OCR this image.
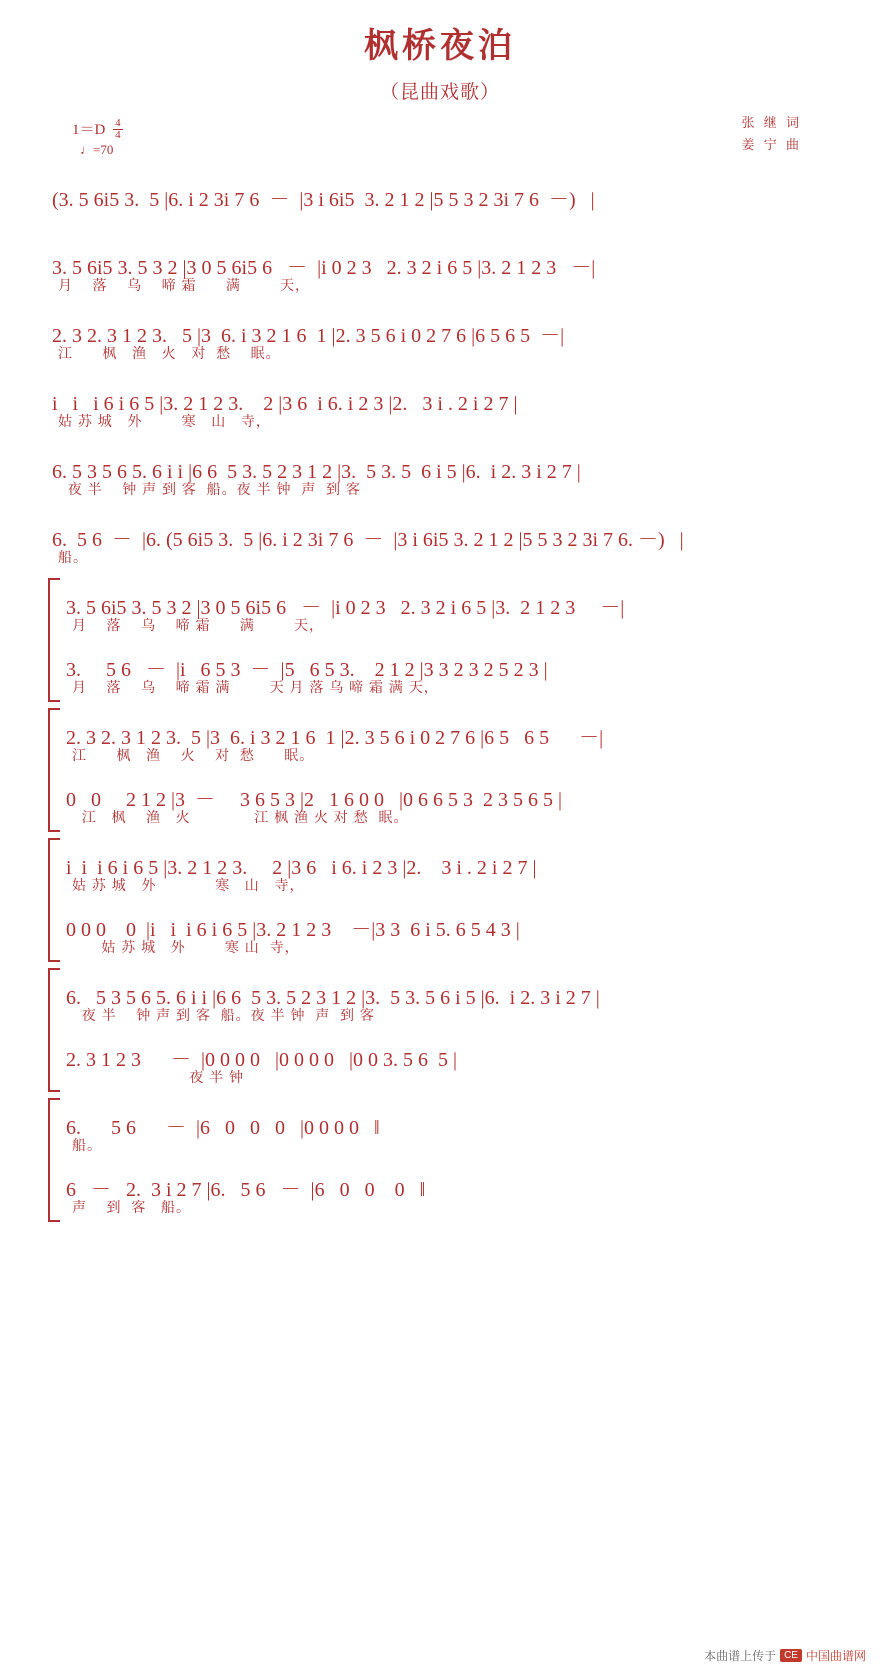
枫桥夜泊
（昆曲戏歌）
$1=D \frac{4}{4}$
♩=70
张 继 词
姜 宁 曲
(3. 5 6i5 3.  5 |6. i 2 3i 7 6  －  |3 i 6i5  3. 2 1 2 |5 5 3 2 3i 7 6  －)   |
3. 5 6i5 3. 5 3 2 |3 0 5 6i5 6   －  |i 0 2 3   2. 3 2 i 6 5 |3. 2 1 2 3   －|
月    落    乌    啼 霜      满        天，
2. 3 2. 3 1 2 3.   5 |3  6. i 3 2 1 6  1 |2. 3 5 6 i 0 2 7 6 |6 5 6 5  －|
江      枫   渔   火   对  愁    眠。
i   i   i 6 i 6 5 |3. 2 1 2 3.    2 |3 6  i 6. i 2 3 |2.   3 i . 2 i 2 7 |
姑 苏 城   外        寒   山   寺，
6. 5 3 5 6 5. 6 i i |6 6  5 3. 5 2 3 1 2 |3.  5 3. 5  6 i 5 |6.  i 2. 3 i 2 7 |
夜 半    钟 声 到 客  船。夜 半 钟  声  到 客
6.  5 6  －  |6. (5 6i5 3.  5 |6. i 2 3i 7 6  －  |3 i 6i5 3. 2 1 2 |5 5 3 2 3i 7 6. －)   |
船。
3. 5 6i5 3. 5 3 2 |3 0 5 6i5 6   －  |i 0 2 3   2. 3 2 i 6 5 |3.  2 1 2 3     －|
月    落    乌    啼 霜      满        天，
3.     5 6   －  |i   6 5 3  －  |5   6 5 3.    2 1 2 |3 3 2 3 2 5 2 3 |
月    落    乌    啼 霜 满        天 月 落 乌 啼 霜 满 天，
2. 3 2. 3 1 2 3.  5 |3  6. i 3 2 1 6  1 |2. 3 5 6 i 0 2 7 6 |6 5   6 5      －|
江      枫   渔    火    对  愁      眠。
0   0     2 1 2 |3  －     3 6 5 3 |2   1 6 0 0   |0 6 6 5 3  2 3 5 6 5 |
江   枫    渔   火             江 枫 渔 火 对 愁  眠。
i  i  i 6 i 6 5 |3. 2 1 2 3.     2 |3 6   i 6. i 2 3 |2.    3 i . 2 i 2 7 |
姑 苏 城   外            寒   山   寺，
0 0 0    0  |i   i  i 6 i 6 5 |3. 2 1 2 3    －|3 3  6 i 5. 6 5 4 3 |
姑 苏 城   外        寒 山  寺，
6.   5 3 5 6 5. 6 i i |6 6  5 3. 5 2 3 1 2 |3.  5 3. 5 6 i 5 |6.  i 2. 3 i 2 7 |
夜 半    钟 声 到 客  船。夜 半 钟  声  到 客
2. 3 1 2 3      －  |0 0 0 0   |0 0 0 0   |0 0 3. 5 6  5 |
夜 半 钟
6.      5 6      －  |6   0   0   0   |0 0 0 0   ‖
船。
6   －   2.  3 i 2 7 |6.   5 6   －  |6   0   0    0   ‖
声    到  客   船。
本曲谱上传于 CE 中国曲谱网
